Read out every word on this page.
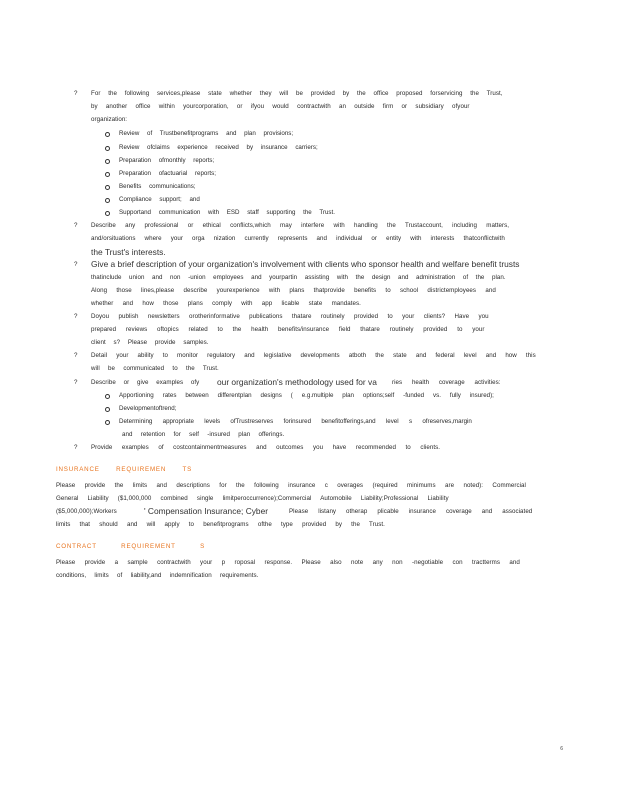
? For the following services,please state whether they will be provided by the office proposed forservicing the Trust,
by another office within yourcorporation, or ifyou would contractwith an outside firm or subsidiary ofyour
organization:
Review of Trustbenefitprograms and plan provisions;
Review ofclaims experience received by insurance carriers;
Preparation ofmonthly reports;
Preparation ofactuarial reports;
Benefits communications;
Compliance support; and
Supportand communication with ESD staff supporting the Trust.
? Describe any professional or ethical conflicts,which may interfere with handling the Trustaccount, including matters,
and/orsituations where your orga nization currently represents and individual or entity with interests thatconflictwith
the Trust's interests.
? Give a brief description of your organization's involvement with clients who sponsor health and welfare benefit trusts
thatinclude union and non -union employees and yourpartin assisting with the design and administration of the plan.
Along those lines,please describe yourexperience with plans thatprovide benefits to school districtemployees and
whether and how those plans comply with app licable state mandates.
? Doyou publish newsletters orotherinformative publications thatare routinely provided to your clients? Have you
prepared reviews oftopics related to the health benefits/insurance field thatare routinely provided to your
client s? Please provide samples.
? Detail your ability to monitor regulatory and legislative developments atboth the state and federal level and how this
will be communicated to the Trust.
? Describe or give examples ofy our organization's methodology used for va ries health coverage activities:
Apportioning rates between differentplan designs ( e.g.multiple plan options;self -funded vs. fully insured);
Developmentoftrend;
Determining appropriate levels ofTrustreserves forinsured benefitofferings,and level s ofreserves,margin
and retention for self -insured plan offerings.
? Provide examples of costcontainmentmeasures and outcomes you have recommended to clients.
INSURANCE REQUIREMEN TS
Please provide the limits and descriptions for the following insurance c overages (required minimums are noted): Commercial
General Liability ($1,000,000 combined single limitperoccurrence);Commercial Automobile Liability;Professional Liability
($5,000,000);Workers	' Compensation Insurance; Cyber	Please listany otherap plicable insurance coverage and associated
limits that should and will apply to benefitprograms ofthe type provided by the Trust.
CONTRACT REQUIREMENT S
Please provide a sample contractwith your p roposal response. Please also note any non -negotiable con tractterms and
conditions, limits of liability,and indemnification requirements.
6
